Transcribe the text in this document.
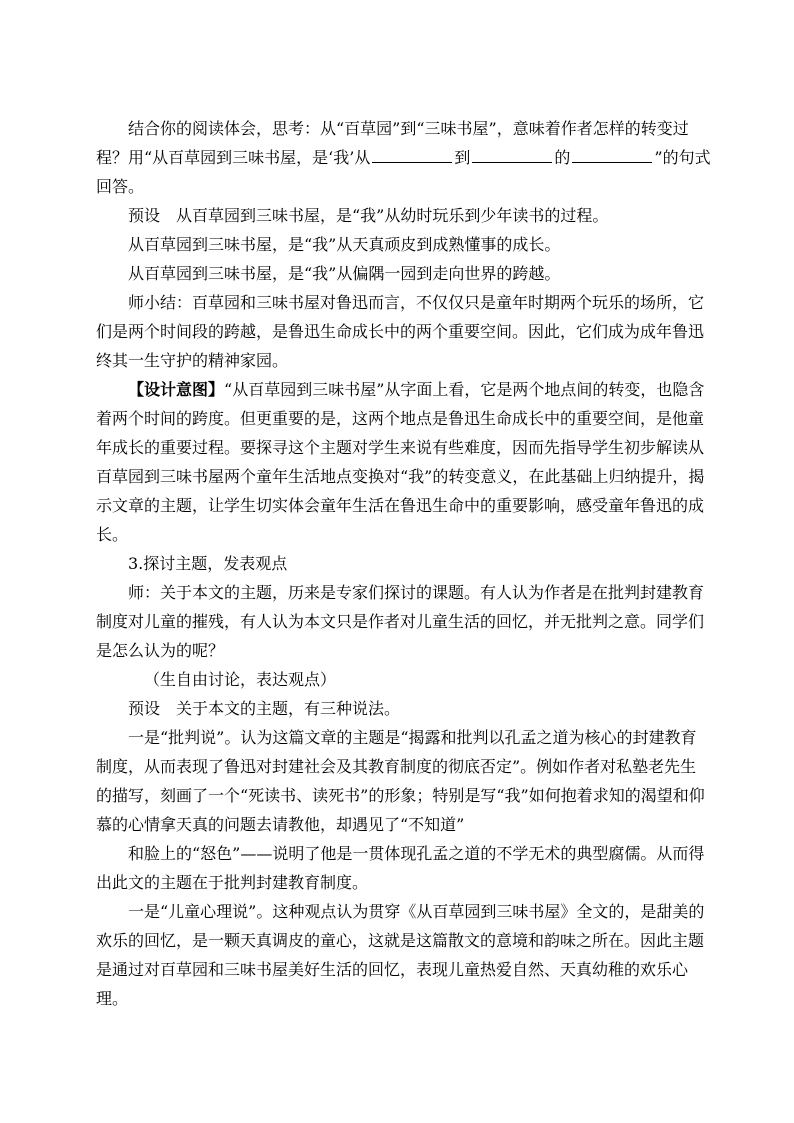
结合你的阅读体会，思考：从“百草园”到“三味书屋”，意味着作者怎样的转变过程？用“从百草园到三味书屋，是‘我’从	到	的	”的句式回答。

预设　从百草园到三味书屋，是“我”从幼时玩乐到少年读书的过程。

从百草园到三味书屋，是“我”从天真顽皮到成熟懂事的成长。

从百草园到三味书屋，是“我”从偏隅一园到走向世界的跨越。

师小结：百草园和三味书屋对鲁迅而言，不仅仅只是童年时期两个玩乐的场所，它们是两个时间段的跨越，是鲁迅生命成长中的两个重要空间。因此，它们成为成年鲁迅终其一生守护的精神家园。

【设计意图】“从百草园到三味书屋”从字面上看，它是两个地点间的转变，也隐含着两个时间的跨度。但更重要的是，这两个地点是鲁迅生命成长中的重要空间，是他童年成长的重要过程。要探寻这个主题对学生来说有些难度，因而先指导学生初步解读从百草园到三味书屋两个童年生活地点变换对“我”的转变意义，在此基础上归纳提升，揭示文章的主题，让学生切实体会童年生活在鲁迅生命中的重要影响，感受童年鲁迅的成长。

3.探讨主题，发表观点

师：关于本文的主题，历来是专家们探讨的课题。有人认为作者是在批判封建教育制度对儿童的摧残，有人认为本文只是作者对儿童生活的回忆，并无批判之意。同学们是怎么认为的呢？

（生自由讨论，表达观点）

预设　关于本文的主题，有三种说法。

一是“批判说”。认为这篇文章的主题是“揭露和批判以孔孟之道为核心的封建教育制度，从而表现了鲁迅对封建社会及其教育制度的彻底否定”。例如作者对私塾老先生的描写，刻画了一个“死读书、读死书”的形象；特别是写“我”如何抱着求知的渴望和仰慕的心情拿天真的问题去请教他，却遇见了“不知道”

和脸上的“怒色”——说明了他是一贯体现孔孟之道的不学无术的典型腐儒。从而得出此文的主题在于批判封建教育制度。

一是“儿童心理说”。这种观点认为贯穿《从百草园到三味书屋》全文的，是甜美的欢乐的回忆，是一颗天真调皮的童心，这就是这篇散文的意境和韵味之所在。因此主题是通过对百草园和三味书屋美好生活的回忆，表现儿童热爱自然、天真幼稚的欢乐心理。
